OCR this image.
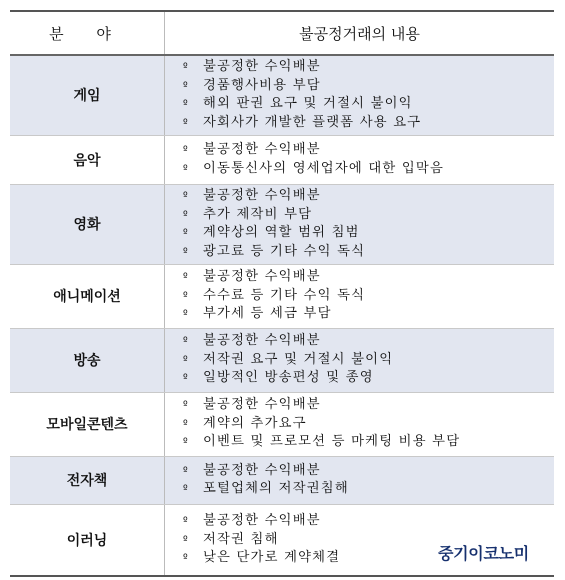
분 야	불공정거래의 내용
게임	º 불공정한 수익배분
º 경품행사비용 부담
º 해외 판권 요구 및 거절시 불이익
º 자회사가 개발한 플랫폼 사용 요구

음악	º 불공정한 수익배분
º 이동통신사의 영세업자에 대한 입막음

영화	º 불공정한 수익배분
º 추가 제작비 부담
º 계약상의 역할 범위 침범
º 광고료 등 기타 수익 독식

애니메이션	º 불공정한 수익배분
º 수수료 등 기타 수익 독식
º 부가세 등 세금 부담

방송	º 불공정한 수익배분
º 저작권 요구 및 거절시 불이익
º 일방적인 방송편성 및 종영

모바일콘텐츠	º 불공정한 수익배분
º 계약의 추가요구
º 이벤트 및 프로모션 등 마케팅 비용 부담

전자책	º 불공정한 수익배분
º 포털업체의 저작권침해

이러닝	º 불공정한 수익배분
º 저작권 침해
º 낮은 단가로 계약체결	중기이코노미
